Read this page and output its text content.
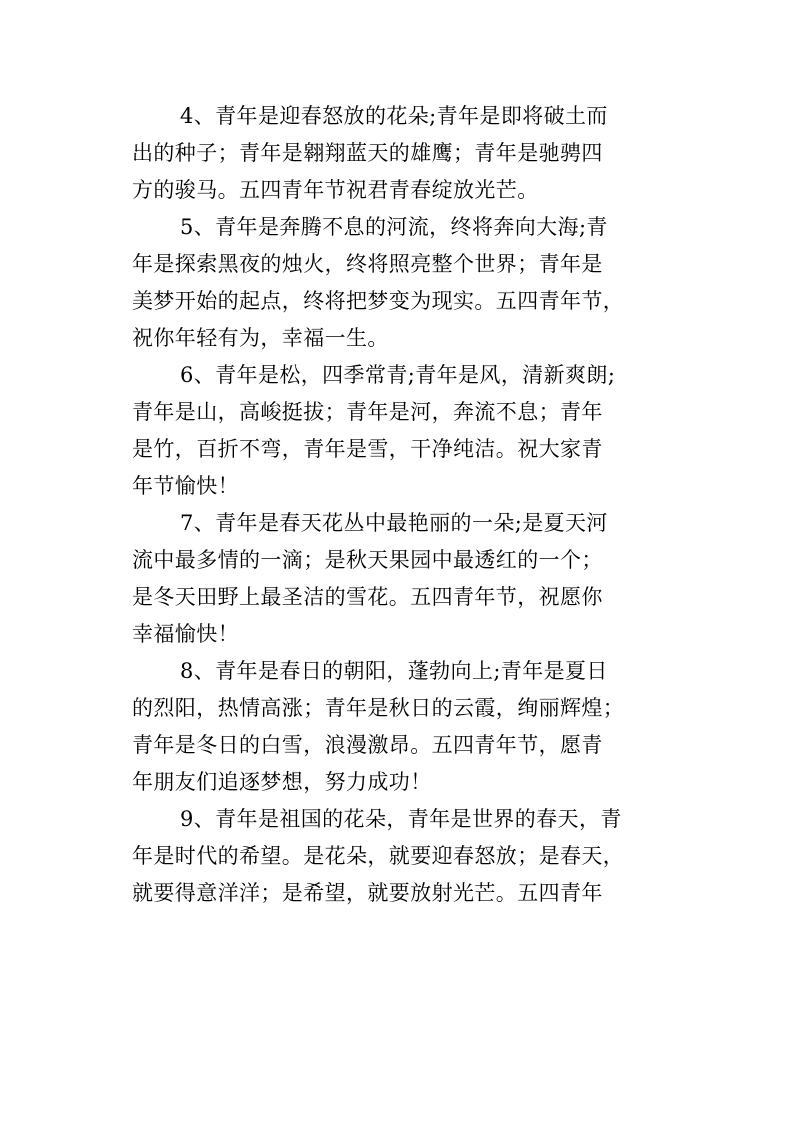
4、青年是迎春怒放的花朵;青年是即将破土而
出的种子；青年是翱翔蓝天的雄鹰；青年是驰骋四
方的骏马。五四青年节祝君青春绽放光芒。
5、青年是奔腾不息的河流，终将奔向大海;青
年是探索黑夜的烛火，终将照亮整个世界；青年是
美梦开始的起点，终将把梦变为现实。五四青年节，
祝你年轻有为，幸福一生。
6、青年是松，四季常青;青年是风，清新爽朗;
青年是山，高峻挺拔；青年是河，奔流不息；青年
是竹，百折不弯，青年是雪，干净纯洁。祝大家青
年节愉快！
7、青年是春天花丛中最艳丽的一朵;是夏天河
流中最多情的一滴；是秋天果园中最透红的一个；
是冬天田野上最圣洁的雪花。五四青年节，祝愿你
幸福愉快！
8、青年是春日的朝阳，蓬勃向上;青年是夏日
的烈阳，热情高涨；青年是秋日的云霞，绚丽辉煌；
青年是冬日的白雪，浪漫激昂。五四青年节，愿青
年朋友们追逐梦想，努力成功！
9、青年是祖国的花朵，青年是世界的春天，青
年是时代的希望。是花朵，就要迎春怒放；是春天，
就要得意洋洋；是希望，就要放射光芒。五四青年
